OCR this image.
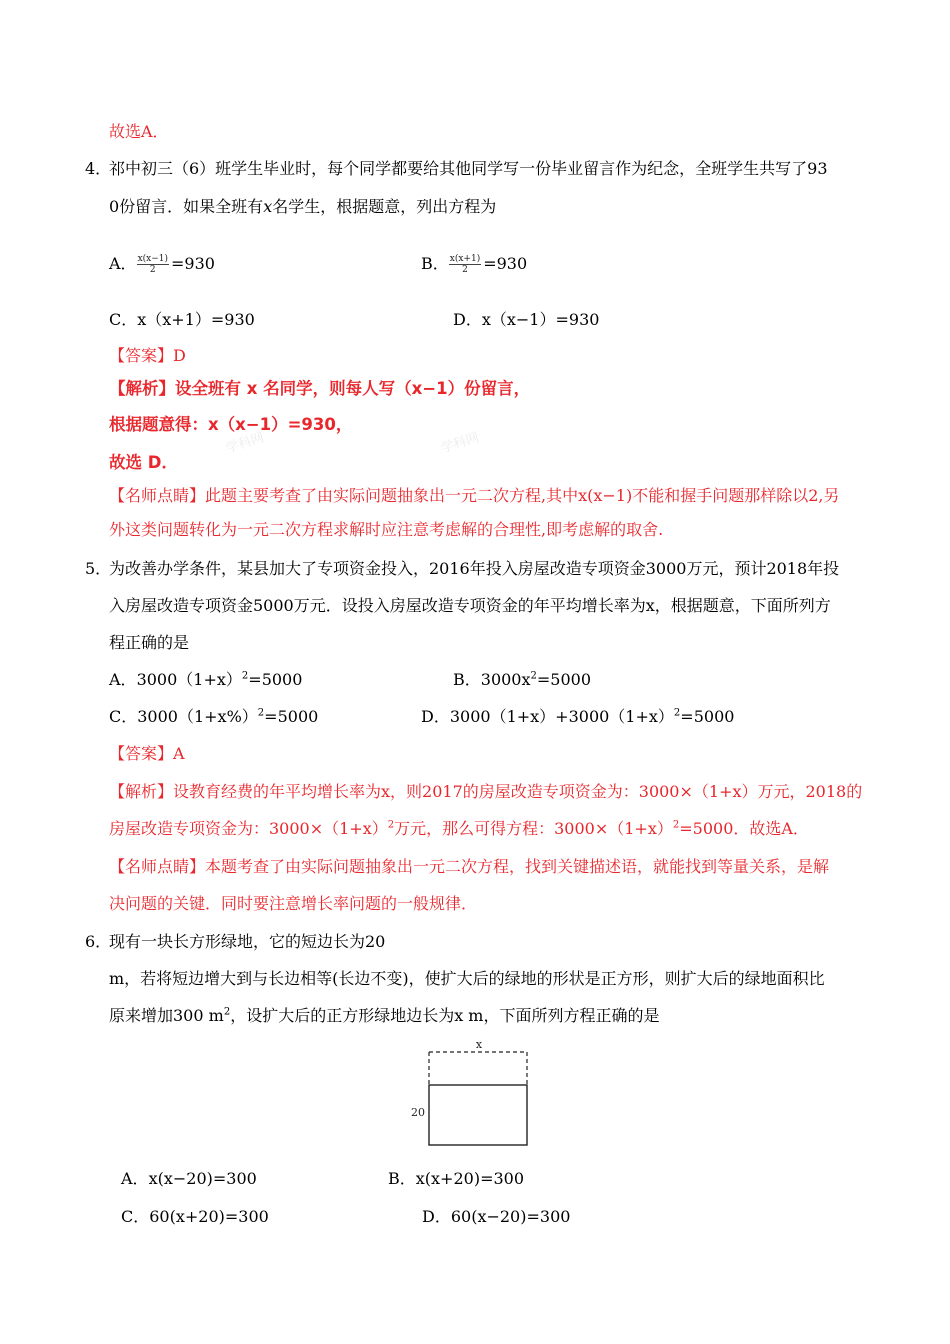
学科网	学科网
故选A．
4．
祁中初三（6）班学生毕业时，每个同学都要给其他同学写一份毕业留言作为纪念，全班学生共写了93
0份留言．如果全班有x名学生，根据题意，列出方程为
A． $\frac{x(x-1)}{2} =930$	B． $\frac{x(x+1)}{2} =930$
C．x（x+1）=930	D．x（x−1）=930
【答案】D
【解析】设全班有 x 名同学，则每人写（x−1）份留言，
根据题意得：x（x−1）=930，
故选 D．
【名师点睛】此题主要考查了由实际问题抽象出一元二次方程,其中x(x−1)不能和握手问题那样除以2,另
外这类问题转化为一元二次方程求解时应注意考虑解的合理性,即考虑解的取舍.
5．
为改善办学条件，某县加大了专项资金投入，2016年投入房屋改造专项资金3000万元，预计2018年投
入房屋改造专项资金5000万元．设投入房屋改造专项资金的年平均增长率为x，根据题意，下面所列方
程正确的是
A．$3000(1+x)^2=5000$	B．$3000x^2=5000$
C．$3000(1+x\%)^2=5000$	D．$3000(1+x)+3000(1+x)^2=5000$
【答案】A
【解析】设教育经费的年平均增长率为x，则2017的房屋改造专项资金为：3000×（1+x）万元，2018的
房屋改造专项资金为：$3000\times(1+x)^2$万元，那么可得方程：$3000\times(1+x)^2=5000$．故选A．
【名师点睛】本题考查了由实际问题抽象出一元二次方程，找到关键描述语，就能找到等量关系，是解
决问题的关键．同时要注意增长率问题的一般规律．
6．
现有一块长方形绿地，它的短边长为20
m，若将短边增大到与长边相等(长边不变)，使扩大后的绿地的形状是正方形，则扩大后的绿地面积比
原来增加300 $m^2$，设扩大后的正方形绿地边长为x m，下面所列方程正确的是
x
20
A．x(x−20)=300	B．x(x+20)=300
C．60(x+20)=300	D．60(x−20)=300
